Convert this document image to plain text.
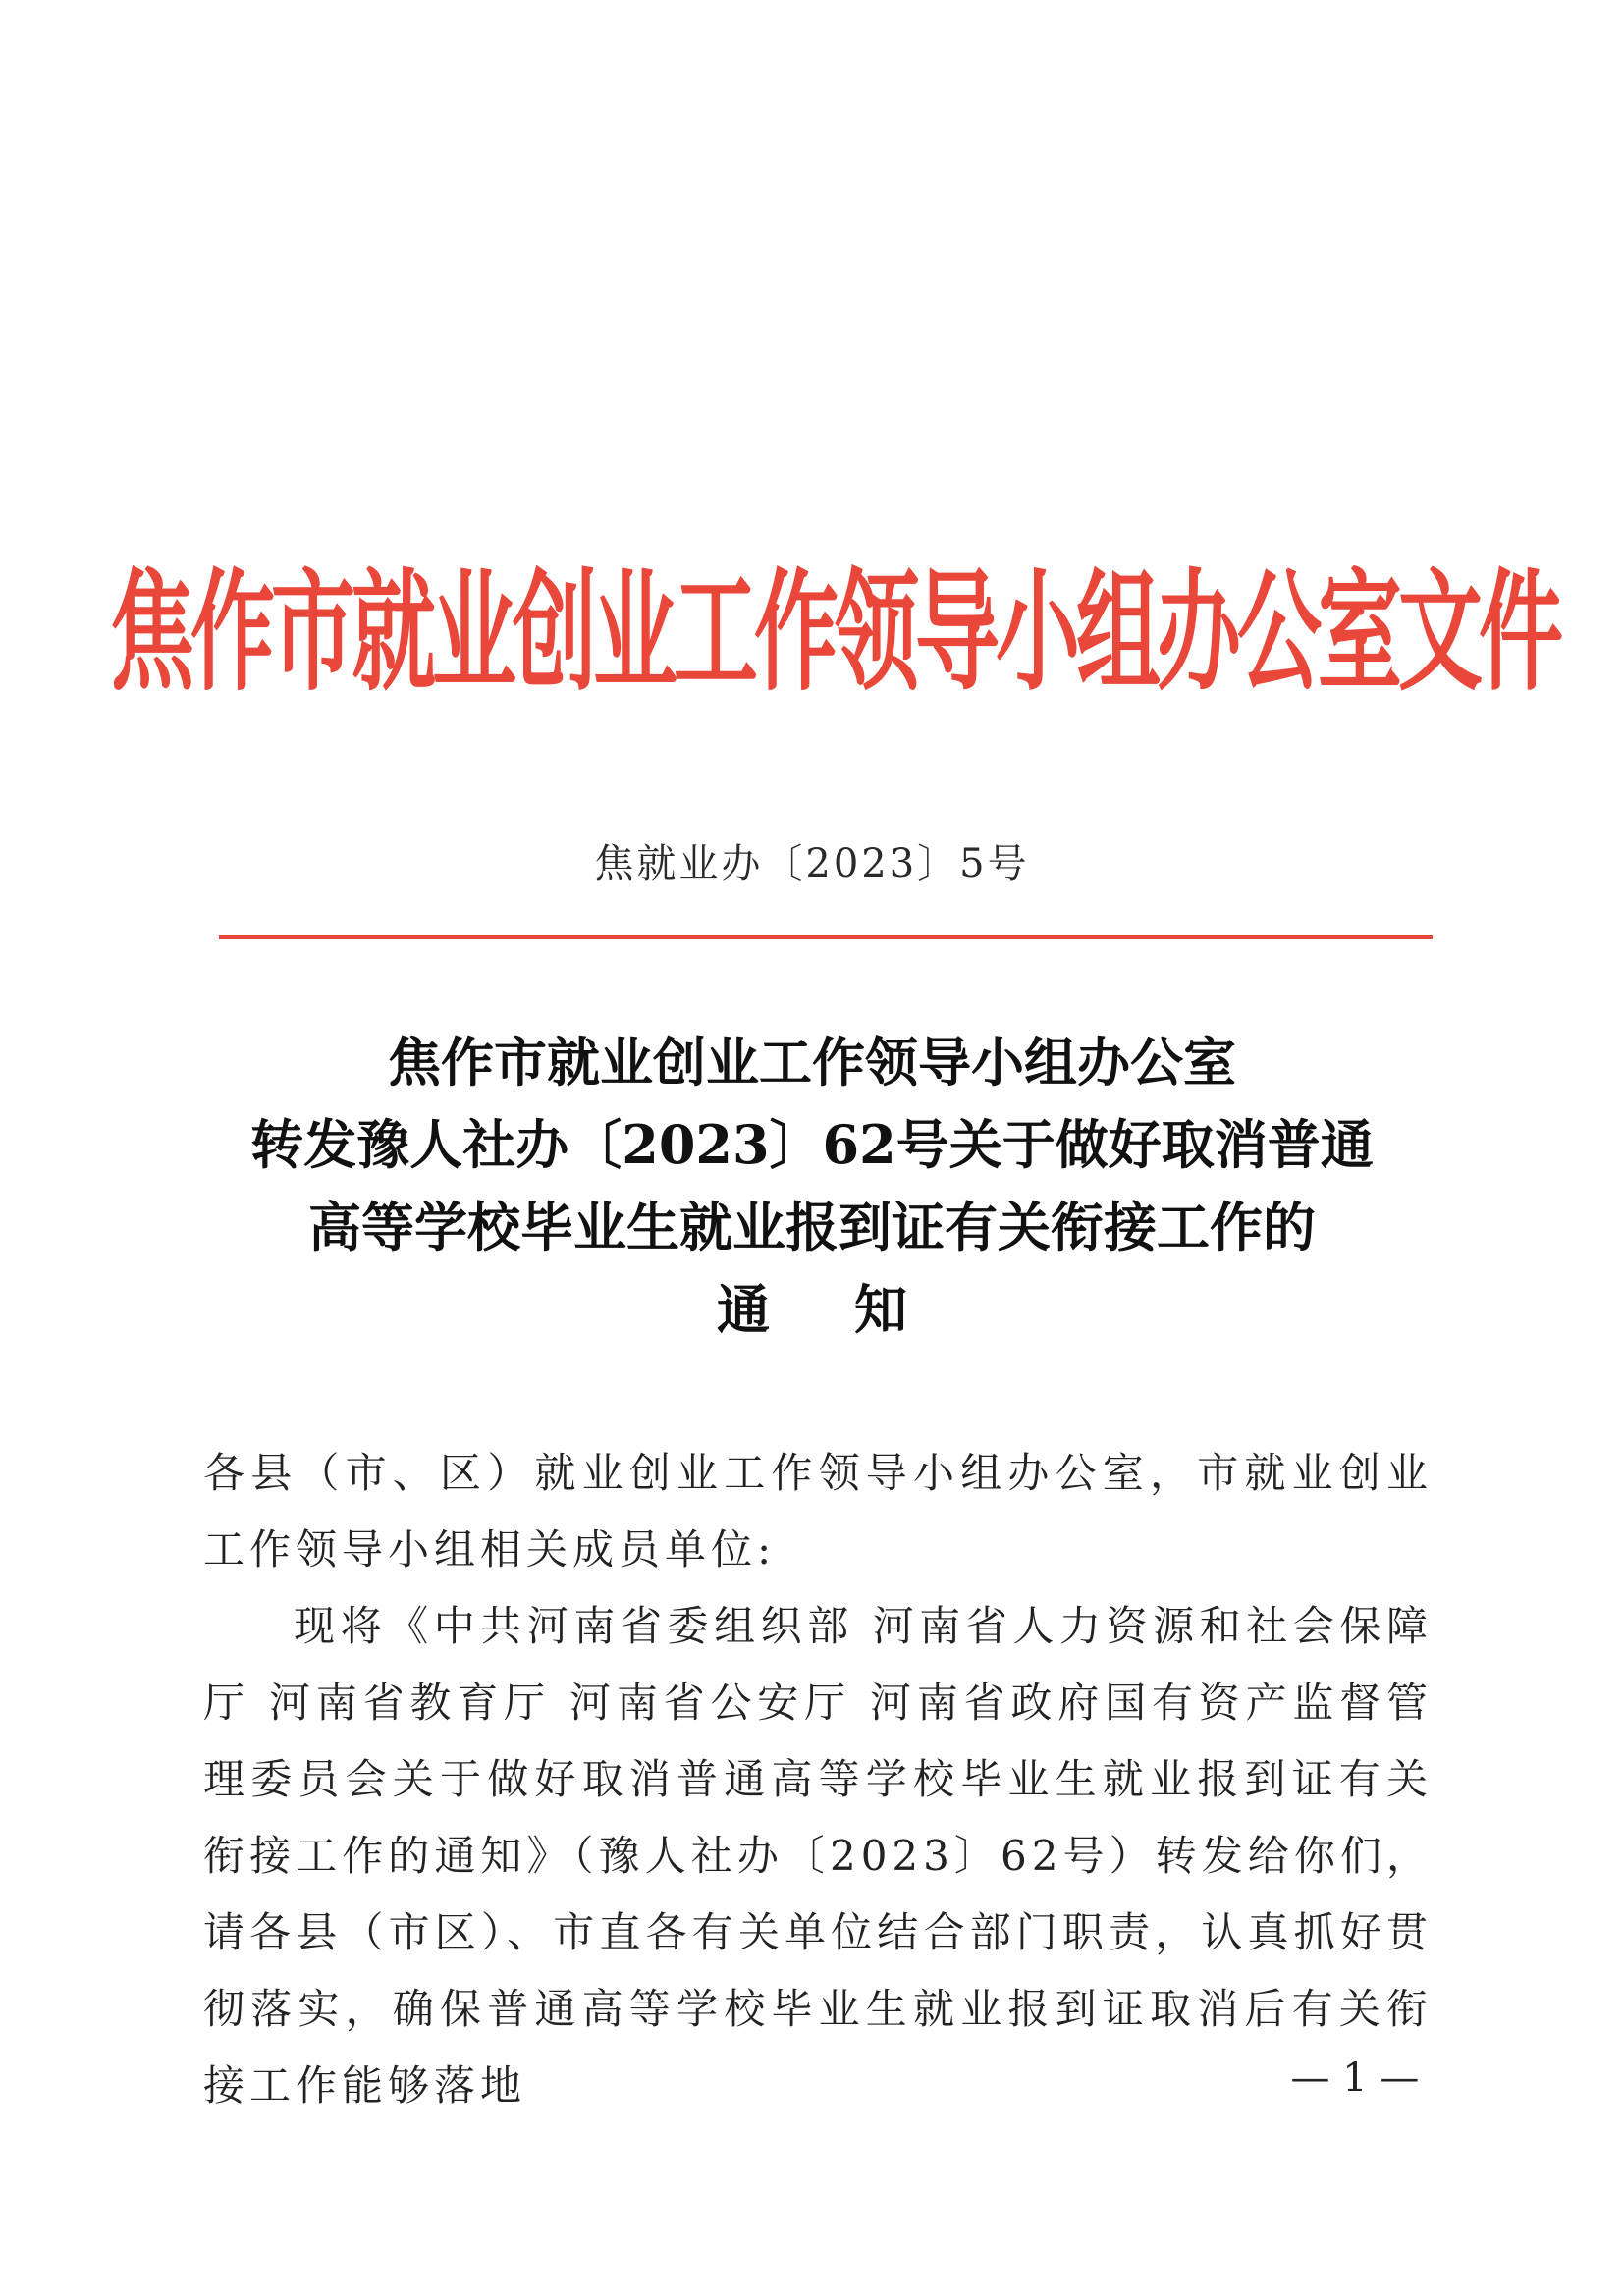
焦作市就业创业工作领导小组办公室文件
焦就业办〔2023〕5号
焦作市就业创业工作领导小组办公室
转发豫人社办〔2023〕62号关于做好取消普通
高等学校毕业生就业报到证有关衔接工作的
通知

各县（市、区）就业创业工作领导小组办公室，市就业创业工作领导小组相关成员单位:

现将《中共河南省委组织部 河南省人力资源和社会保障厅 河南省教育厅 河南省公安厅 河南省政府国有资产监督管理委员会关于做好取消普通高等学校毕业生就业报到证有关衔接工作的通知》（豫人社办〔2023〕62号）转发给你们，请各县（市区）、市直各有关单位结合部门职责，认真抓好贯彻落实，确保普通高等学校毕业生就业报到证取消后有关衔接工作能够落地	— 1 —
